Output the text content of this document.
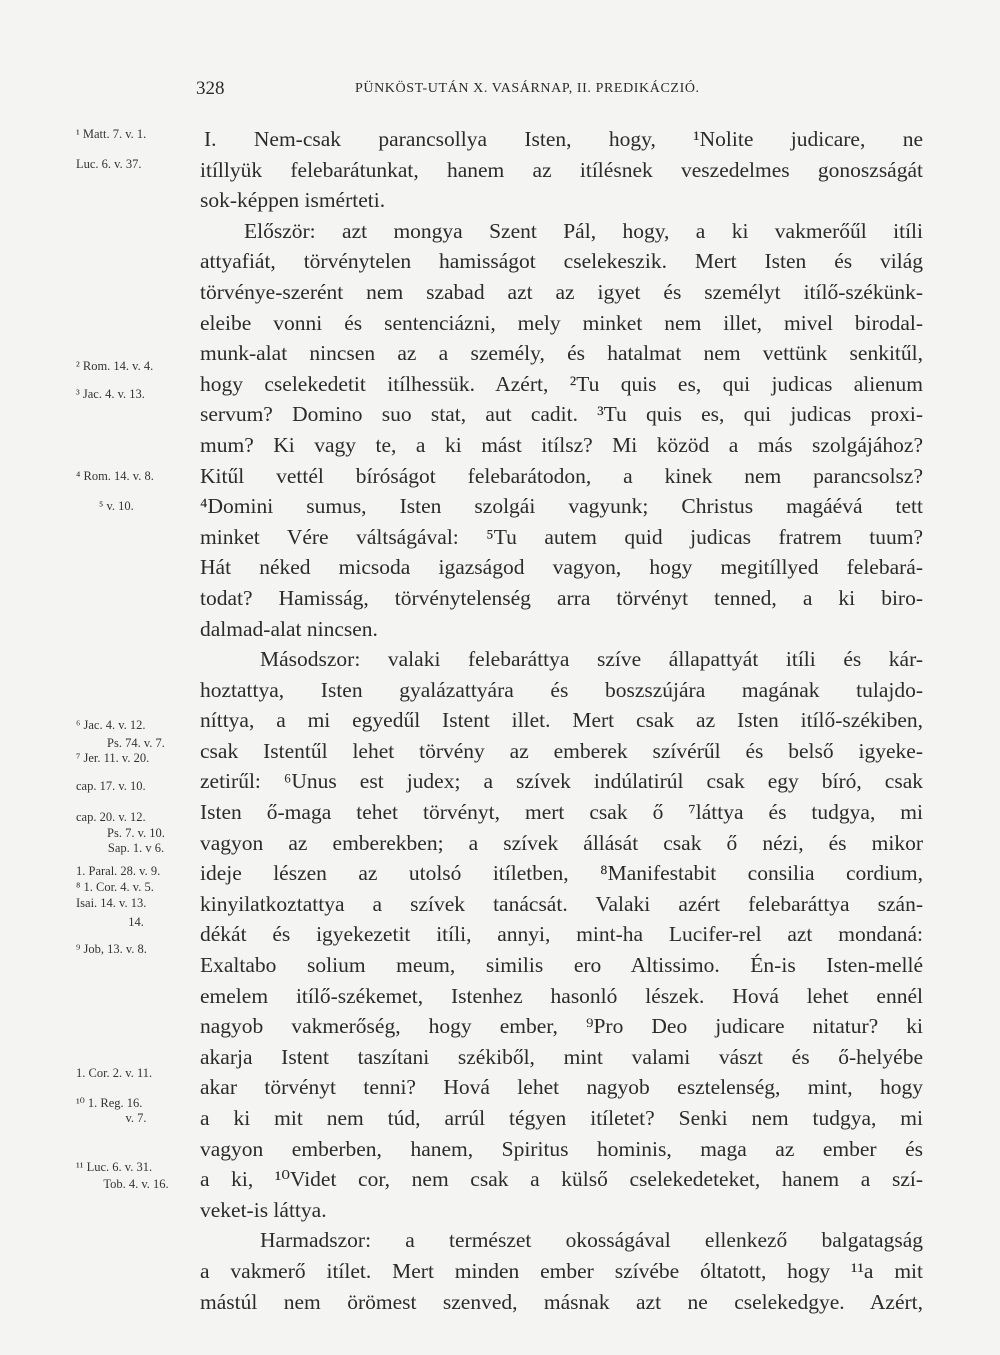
328	PÜNKÖST-UTÁN X. VASÁRNAP, II. PREDIKÁCZIÓ.
¹ Matt. 7. v. 1.
Luc. 6. v. 37.
² Rom. 14. v. 4.
³ Jac. 4. v. 13.
⁴ Rom. 14. v. 8.
⁵ v. 10.
⁶ Jac. 4. v. 12.
Ps. 74. v. 7.
⁷ Jer. 11. v. 20.
cap. 17. v. 10.
cap. 20. v. 12.
Ps. 7. v. 10.
Sap. 1. v 6.
1. Paral. 28. v. 9.
⁸ 1. Cor. 4. v. 5.
Isai. 14. v. 13.
14.
⁹ Job, 13. v. 8.
1. Cor. 2. v. 11.
¹⁰ 1. Reg. 16.
v. 7.
¹¹ Luc. 6. v. 31.
Tob. 4. v. 16.
I. Nem-csak parancsollya Isten, hogy, ¹Nolite judicare, ne
itíllyük felebarátunkat, hanem az itílésnek veszedelmes gonoszságát
sok-képpen ismérteti.
Először: azt mongya Szent Pál, hogy, a ki vakmerőűl itíli
attyafiát, törvénytelen hamisságot cselekeszik. Mert Isten és világ
törvénye-szerént nem szabad azt az igyet és személyt itílő-székünk-
eleibe vonni és sentenciázni, mely minket nem illet, mivel birodal-
munk-alat nincsen az a személy, és hatalmat nem vettünk senkitűl,
hogy cselekedetit itílhessük. Azért, ²Tu quis es, qui judicas alienum
servum? Domino suo stat, aut cadit. ³Tu quis es, qui judicas proxi-
mum? Ki vagy te, a ki mást itílsz? Mi közöd a más szolgájához?
Kitűl vettél bíróságot felebarátodon, a kinek nem parancsolsz?
⁴Domini sumus, Isten szolgái vagyunk; Christus magáévá tett
minket Vére váltságával: ⁵Tu autem quid judicas fratrem tuum?
Hát néked micsoda igazságod vagyon, hogy megitíllyed felebará-
todat? Hamisság, törvénytelenség arra törvényt tenned, a ki biro-
dalmad-alat nincsen.
Másodszor: valaki felebaráttya szíve állapattyát itíli és kár-
hoztattya, Isten gyalázattyára és boszszújára magának tulajdo-
níttya, a mi egyedűl Istent illet. Mert csak az Isten itílő-székiben,
csak Istentűl lehet törvény az emberek szívérűl és belső igyeke-
zetirűl: ⁶Unus est judex; a szívek indúlatirúl csak egy bíró, csak
Isten ő-maga tehet törvényt, mert csak ő ⁷láttya és tudgya, mi
vagyon az emberekben; a szívek állását csak ő nézi, és mikor
ideje lészen az utolsó itíletben, ⁸Manifestabit consilia cordium,
kinyilatkoztattya a szívek tanácsát. Valaki azért felebaráttya szán-
dékát és igyekezetit itíli, annyi, mint-ha Lucifer-rel azt mondaná:
Exaltabo solium meum, similis ero Altissimo. Én-is Isten-mellé
emelem itílő-székemet, Istenhez hasonló lészek. Hová lehet ennél
nagyob vakmerőség, hogy ember, ⁹Pro Deo judicare nitatur? ki
akarja Istent taszítani székiből, mint valami vászt és ő-helyébe
akar törvényt tenni? Hová lehet nagyob esztelenség, mint, hogy
a ki mit nem túd, arrúl tégyen itíletet? Senki nem tudgya, mi
vagyon emberben, hanem, Spiritus hominis, maga az ember és
a ki, ¹⁰Videt cor, nem csak a külső cselekedeteket, hanem a szí-
veket-is láttya.
Harmadszor: a természet okosságával ellenkező balgatagság
a vakmerő itílet. Mert minden ember szívébe óltatott, hogy ¹¹a mit
mástúl nem örömest szenved, másnak azt ne cselekedgye. Azért,
